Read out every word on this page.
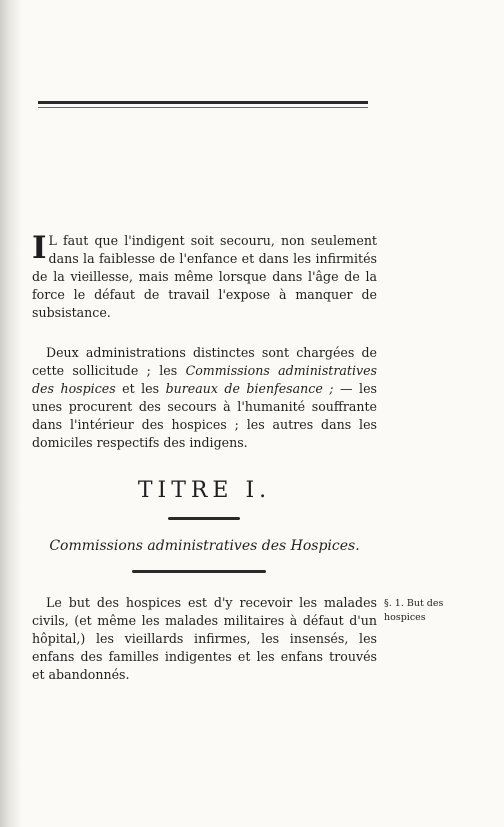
I L faut que l'indigent soit secouru, non seulement dans la faiblesse de l'enfance et dans les infirmités de la vieillesse, mais même lorsque dans l'âge de la force le défaut de travail l'expose à manquer de subsistance.
Deux administrations distinctes sont chargées de cette sollicitude ; les Commissions administratives des hospices et les bureaux de bienfesance ; — les unes procurent des secours à l'humanité souffrante dans l'intérieur des hospices ; les autres dans les domiciles respectifs des indigens.
TITRE I.
Commissions administratives des Hospices.
Le but des hospices est d'y recevoir les malades civils, (et même les malades militaires à défaut d'un hôpital,) les vieillards infirmes, les insensés, les enfans des familles indigentes et les enfans trouvés et abandonnés.
§. 1. But des hospices
